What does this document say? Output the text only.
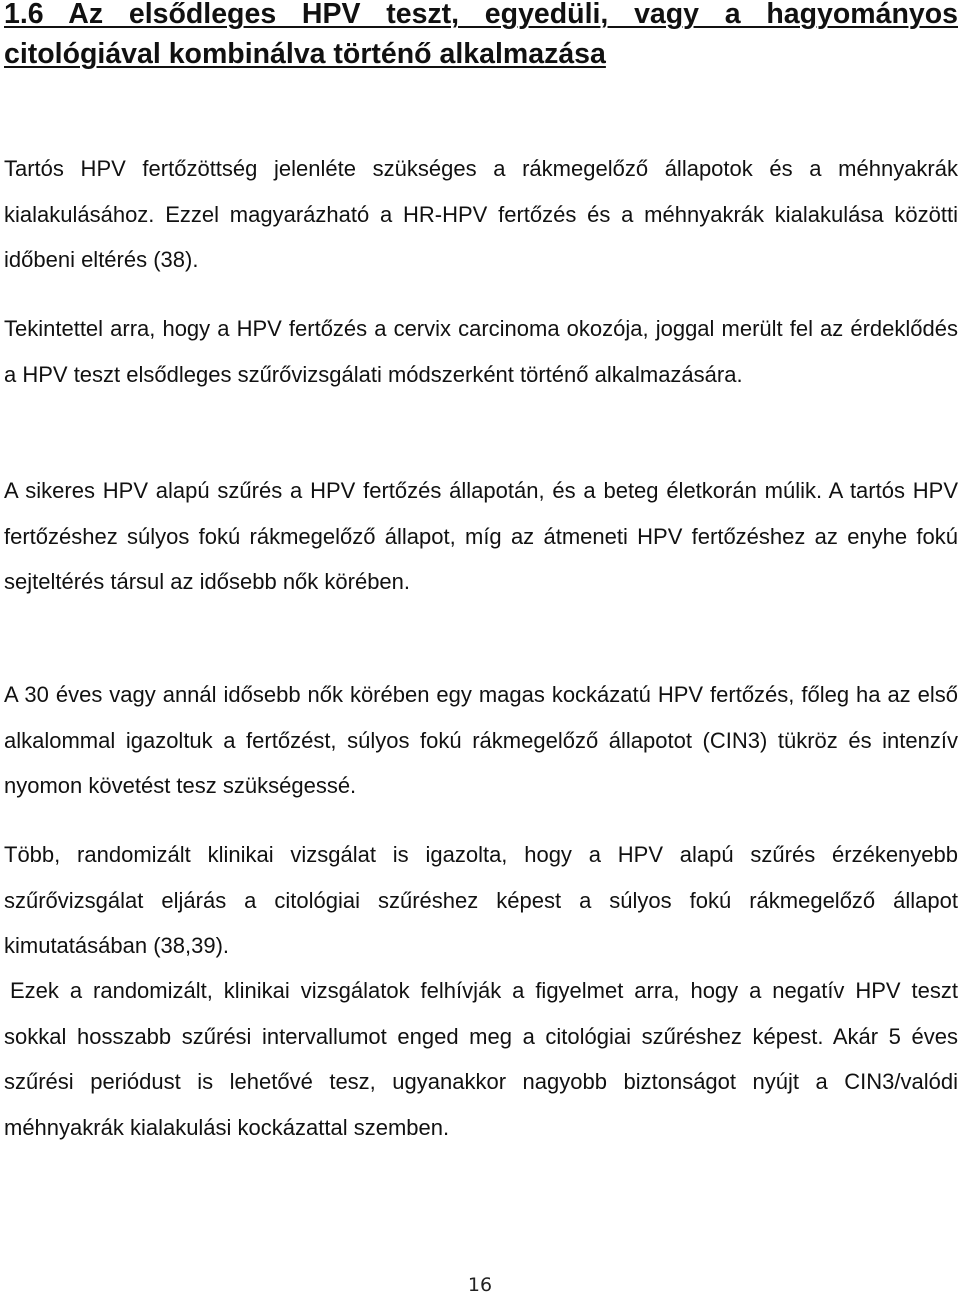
1.6 Az elsődleges HPV teszt, egyedüli, vagy a hagyományos citológiával kombinálva történő alkalmazása

Tartós HPV fertőzöttség jelenléte szükséges a rákmegelőző állapotok és a méhnyakrák kialakulásához. Ezzel magyarázható a HR-HPV fertőzés és a méhnyakrák kialakulása közötti időbeni eltérés (38).

Tekintettel arra, hogy a HPV fertőzés a cervix carcinoma okozója, joggal merült fel az érdeklődés a HPV teszt elsődleges szűrővizsgálati módszerként történő alkalmazására.

A sikeres HPV alapú szűrés a HPV fertőzés állapotán, és a beteg életkorán múlik. A tartós HPV fertőzéshez súlyos fokú rákmegelőző állapot, míg az átmeneti HPV fertőzéshez az enyhe fokú sejteltérés társul az idősebb nők körében.

A 30 éves vagy annál idősebb nők körében egy magas kockázatú HPV fertőzés, főleg ha az első alkalommal igazoltuk a fertőzést, súlyos fokú rákmegelőző állapotot (CIN3) tükröz és intenzív nyomon követést tesz szükségessé.

Több, randomizált klinikai vizsgálat is igazolta, hogy a HPV alapú szűrés érzékenyebb szűrővizsgálat eljárás a citológiai szűréshez képest a súlyos fokú rákmegelőző állapot kimutatásában (38,39).

Ezek a randomizált, klinikai vizsgálatok felhívják a figyelmet arra, hogy a negatív HPV teszt sokkal hosszabb szűrési intervallumot enged meg a citológiai szűréshez képest. Akár 5 éves szűrési periódust is lehetővé tesz, ugyanakkor nagyobb biztonságot nyújt a CIN3/valódi méhnyakrák kialakulási kockázattal szemben.

16
